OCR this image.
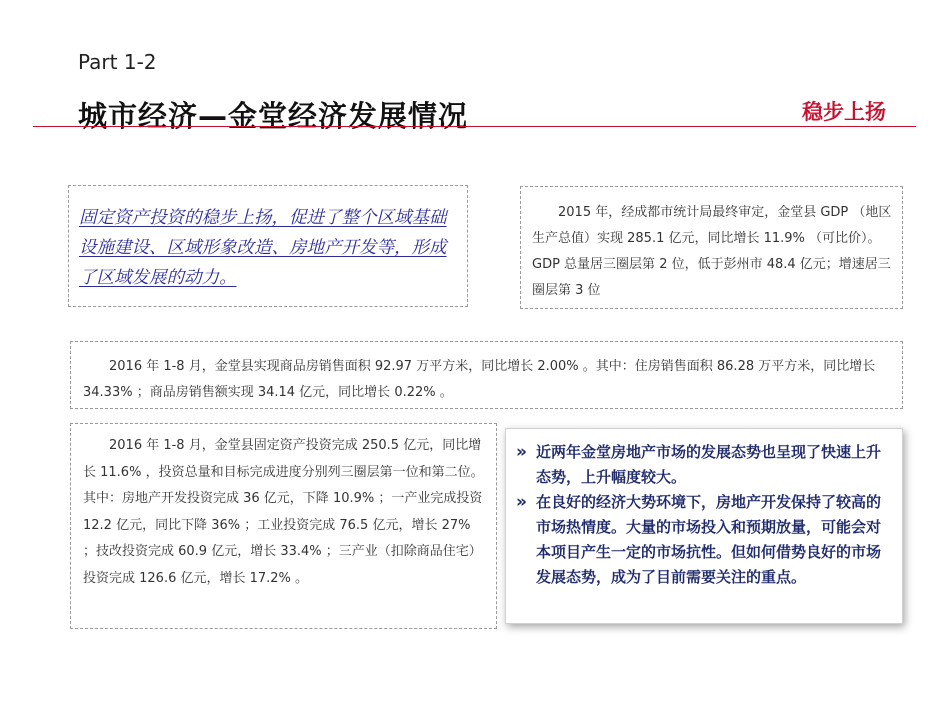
Part 1-2
城市经济—金堂经济发展情况	稳步上扬

固定资产投资的稳步上扬，促进了整个区域基础设施建设、区域形象改造、房地产开发等，形成了区域发展的动力。

2015 年，经成都市统计局最终审定，金堂县 GDP （地区生产总值）实现 285.1 亿元，同比增长 11.9% （可比价）。 GDP 总量居三圈层第 2 位，低于彭州市 48.4 亿元；增速居三圈层第 3 位

2016 年 1-8 月，金堂县实现商品房销售面积 92.97 万平方米，同比增长 2.00% 。其中：住房销售面积 86.28 万平方米，同比增长 34.33% ；商品房销售额实现 34.14 亿元，同比增长 0.22% 。

2016 年 1-8 月，金堂县固定资产投资完成 250.5 亿元，同比增长 11.6% ，投资总量和目标完成进度分别列三圈层第一位和第二位。其中：房地产开发投资完成 36 亿元，下降 10.9% ；一产业完成投资 12.2 亿元，同比下降 36% ；工业投资完成 76.5 亿元，增长 27% ；技改投资完成 60.9 亿元，增长 33.4% ；三产业（扣除商品住宅）投资完成 126.6 亿元，增长 17.2% 。

» 近两年金堂房地产市场的发展态势也呈现了快速上升态势，上升幅度较大。
» 在良好的经济大势环境下，房地产开发保持了较高的市场热情度。大量的市场投入和预期放量，可能会对本项目产生一定的市场抗性。但如何借势良好的市场发展态势，成为了目前需要关注的重点。
